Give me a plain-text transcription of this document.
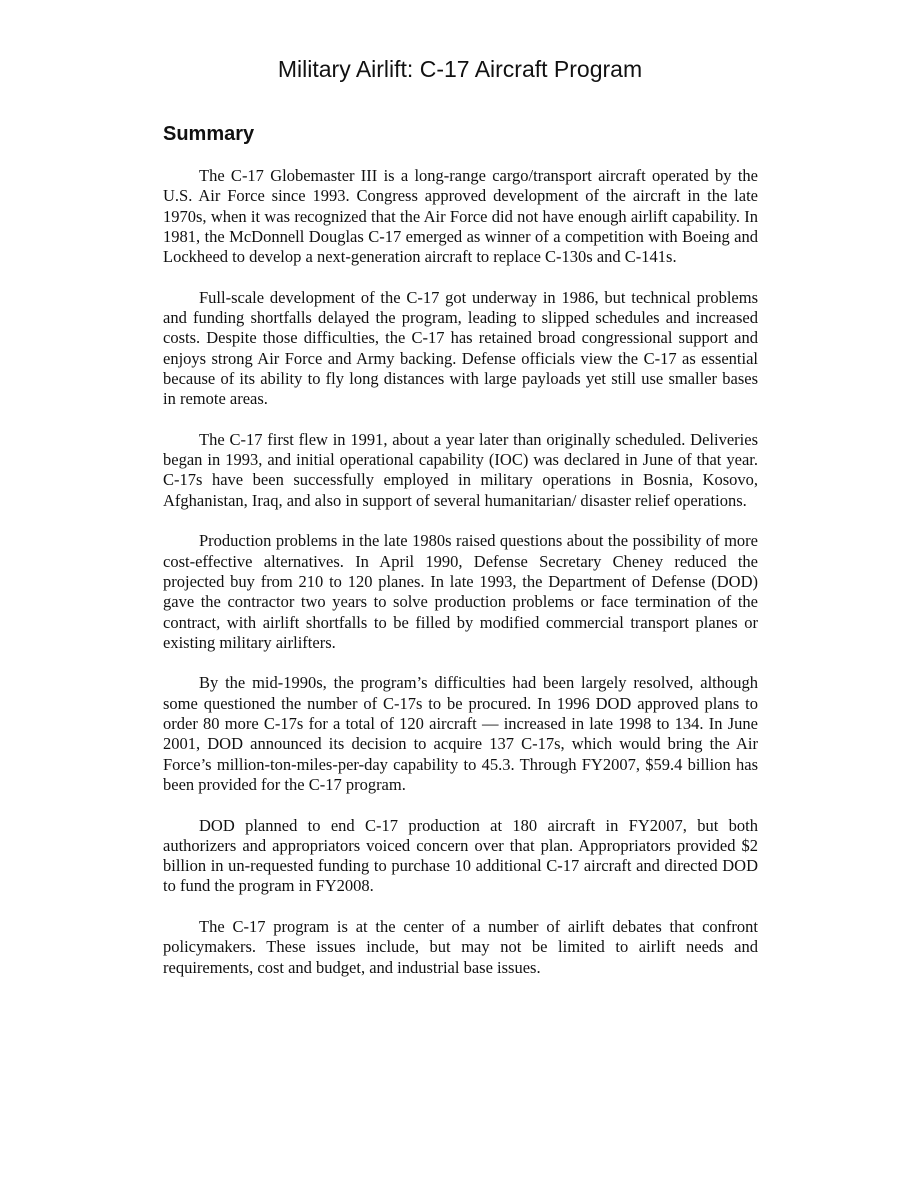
Military Airlift: C-17 Aircraft Program
Summary

The C-17 Globemaster III is a long-range cargo/transport aircraft operated by the U.S. Air Force since 1993. Congress approved development of the aircraft in the late 1970s, when it was recognized that the Air Force did not have enough airlift capability. In 1981, the McDonnell Douglas C-17 emerged as winner of a competition with Boeing and Lockheed to develop a next-generation aircraft to replace C-130s and C-141s.

Full-scale development of the C-17 got underway in 1986, but technical problems and funding shortfalls delayed the program, leading to slipped schedules and increased costs. Despite those difficulties, the C-17 has retained broad congressional support and enjoys strong Air Force and Army backing. Defense officials view the C-17 as essential because of its ability to fly long distances with large payloads yet still use smaller bases in remote areas.

The C-17 first flew in 1991, about a year later than originally scheduled. Deliveries began in 1993, and initial operational capability (IOC) was declared in June of that year. C-17s have been successfully employed in military operations in Bosnia, Kosovo, Afghanistan, Iraq, and also in support of several humanitarian/ disaster relief operations.

Production problems in the late 1980s raised questions about the possibility of more cost-effective alternatives. In April 1990, Defense Secretary Cheney reduced the projected buy from 210 to 120 planes. In late 1993, the Department of Defense (DOD) gave the contractor two years to solve production problems or face termination of the contract, with airlift shortfalls to be filled by modified commercial transport planes or existing military airlifters.

By the mid-1990s, the program’s difficulties had been largely resolved, although some questioned the number of C-17s to be procured. In 1996 DOD approved plans to order 80 more C-17s for a total of 120 aircraft — increased in late 1998 to 134. In June 2001, DOD announced its decision to acquire 137 C-17s, which would bring the Air Force’s million-ton-miles-per-day capability to 45.3. Through FY2007, $59.4 billion has been provided for the C-17 program.

DOD planned to end C-17 production at 180 aircraft in FY2007, but both authorizers and appropriators voiced concern over that plan. Appropriators provided $2 billion in un-requested funding to purchase 10 additional C-17 aircraft and directed DOD to fund the program in FY2008.

The C-17 program is at the center of a number of airlift debates that confront policymakers. These issues include, but may not be limited to airlift needs and requirements, cost and budget, and industrial base issues.
